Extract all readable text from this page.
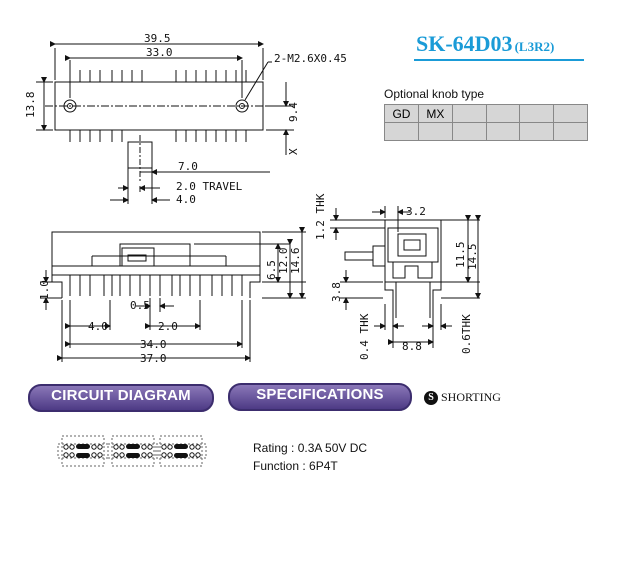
39.5
33.0	2-M2.6X0.45
13.8	9.4
X
7.0
2.0 TRAVEL
4.0
1.0
0.5
4.0	2.0
34.0
37.0
6.5 12.0 14.6
1.2 THK	3.2
11.5 14.5
3.8
0.4 THK	8.8	0.6THK
SK-64D03 (L3R2)
Optional knob type
GD	MX				

CIRCUIT DIAGRAM	SPECIFICATIONS	S SHORTING
Rating : 0.3A 50V DC
Function : 6P4T
